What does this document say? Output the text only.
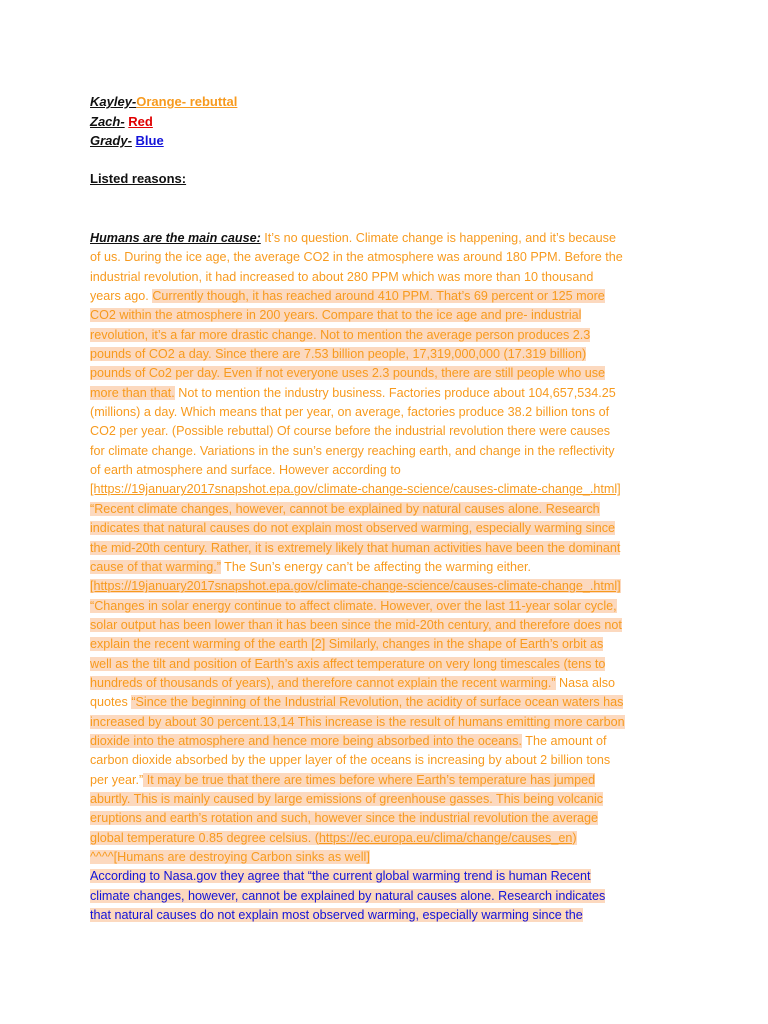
Kayley-Orange- rebuttal
Zach- Red
Grady- Blue
Listed reasons:
Humans are the main cause: It’s no question. Climate change is happening, and it’s because
of us. During the ice age, the average CO2 in the atmosphere was around 180 PPM. Before the
industrial revolution, it had increased to about 280 PPM which was more than 10 thousand
years ago. Currently though, it has reached around 410 PPM. That’s 69 percent or 125 more
CO2 within the atmosphere in 200 years. Compare that to the ice age and pre- industrial
revolution, it’s a far more drastic change. Not to mention the average person produces 2.3
pounds of CO2 a day. Since there are 7.53 billion people, 17,319,000,000 (17.319 billion)
pounds of Co2 per day. Even if not everyone uses 2.3 pounds, there are still people who use
more than that. Not to mention the industry business. Factories produce about 104,657,534.25
(millions) a day. Which means that per year, on average, factories produce 38.2 billion tons of
CO2 per year. (Possible rebuttal) Of course before the industrial revolution there were causes
for climate change. Variations in the sun’s energy reaching earth, and change in the reflectivity
of earth atmosphere and surface. However according to
[https://19january2017snapshot.epa.gov/climate-change-science/causes-climate-change_.html]
“Recent climate changes, however, cannot be explained by natural causes alone. Research
indicates that natural causes do not explain most observed warming, especially warming since
the mid-20th century. Rather, it is extremely likely that human activities have been the dominant
cause of that warming.” The Sun’s energy can’t be affecting the warming either.
[https://19january2017snapshot.epa.gov/climate-change-science/causes-climate-change_.html]
“Changes in solar energy continue to affect climate. However, over the last 11-year solar cycle,
solar output has been lower than it has been since the mid-20th century, and therefore does not
explain the recent warming of the earth [2] Similarly, changes in the shape of Earth’s orbit as
well as the tilt and position of Earth’s axis affect temperature on very long timescales (tens to
hundreds of thousands of years), and therefore cannot explain the recent warming.” Nasa also
quotes “Since the beginning of the Industrial Revolution, the acidity of surface ocean waters has
increased by about 30 percent.13,14 This increase is the result of humans emitting more carbon
dioxide into the atmosphere and hence more being absorbed into the oceans. The amount of
carbon dioxide absorbed by the upper layer of the oceans is increasing by about 2 billion tons
per year.” It may be true that there are times before where Earth’s temperature has jumped
aburtly. This is mainly caused by large emissions of greenhouse gasses. This being volcanic
eruptions and earth’s rotation and such, however since the industrial revolution the average
global temperature 0.85 degree celsius. (https://ec.europa.eu/clima/change/causes_en)
^^^^[Humans are destroying Carbon sinks as well]
According to Nasa.gov they agree that “the current global warming trend is human Recent
climate changes, however, cannot be explained by natural causes alone. Research indicates
that natural causes do not explain most observed warming, especially warming since the
